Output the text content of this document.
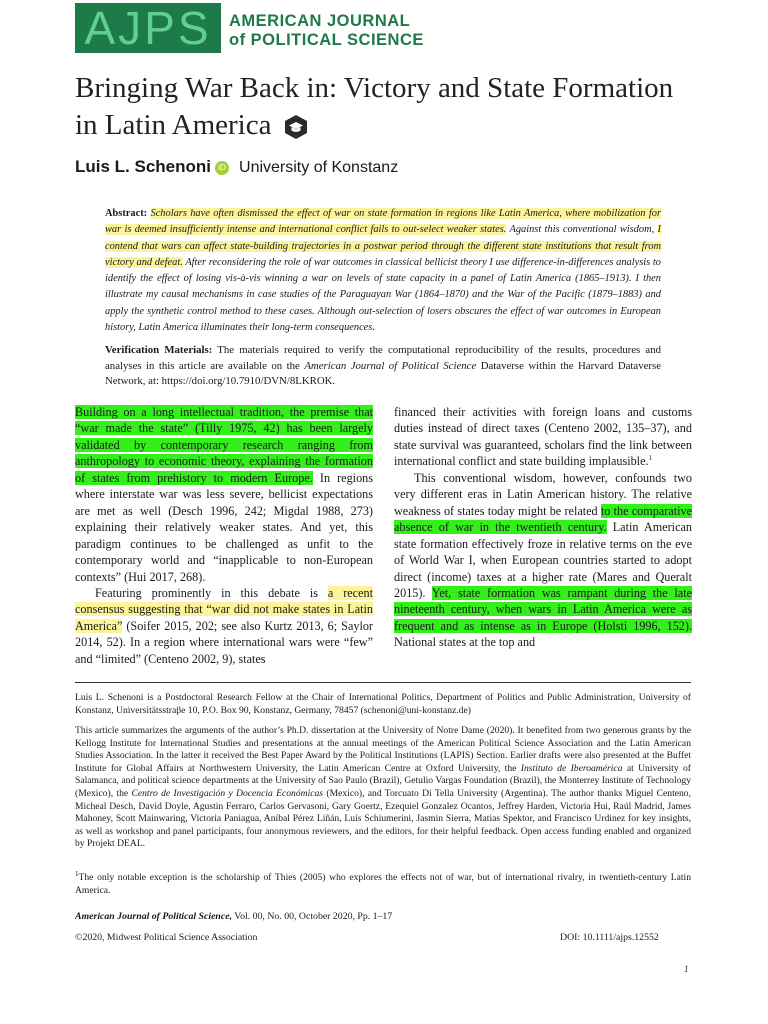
AJPS	AMERICAN JOURNAL
of POLITICAL SCIENCE
Bringing War Back in: Victory and State Formation
in Latin America
Luis L. Schenoni iD University of Konstanz
Abstract: Scholars have often dismissed the effect of war on state formation in regions like Latin America, where mobilization for war is deemed insufficiently intense and international conflict fails to out-select weaker states. Against this conventional wisdom, I contend that wars can affect state-building trajectories in a postwar period through the different state institutions that result from victory and defeat. After reconsidering the role of war outcomes in classical bellicist theory I use difference-in-differences analysis to identify the effect of losing vis-à-vis winning a war on levels of state capacity in a panel of Latin America (1865–1913). I then illustrate my causal mechanisms in case studies of the Paraguayan War (1864–1870) and the War of the Pacific (1879–1883) and apply the synthetic control method to these cases. Although out-selection of losers obscures the effect of war outcomes in European history, Latin America illuminates their long-term consequences.
Verification Materials: The materials required to verify the computational reproducibility of the results, procedures and analyses in this article are available on the American Journal of Political Science Dataverse within the Harvard Dataverse Network, at: https://doi.org/10.7910/DVN/8LKROK.

Building on a long intellectual tradition, the premise that “war made the state” (Tilly 1975, 42) has been largely validated by contemporary research ranging from anthropology to economic theory, explaining the formation of states from prehistory to modern Europe. In regions where interstate war was less severe, bellicist expectations are met as well (Desch 1996, 242; Migdal 1988, 273) explaining their relatively weaker states. And yet, this paradigm continues to be challenged as unfit to the contemporary world and “inapplicable to non-European contexts” (Hui 2017, 268).

Featuring prominently in this debate is a recent consensus suggesting that “war did not make states in Latin America” (Soifer 2015, 202; see also Kurtz 2013, 6; Saylor 2014, 52). In a region where international wars were “few” and “limited” (Centeno 2002, 9), states

financed their activities with foreign loans and customs duties instead of direct taxes (Centeno 2002, 135–37), and state survival was guaranteed, scholars find the link between international conflict and state building implausible.$^1$

This conventional wisdom, however, confounds two very different eras in Latin American history. The relative weakness of states today might be related to the comparative absence of war in the twentieth century. Latin American state formation effectively froze in relative terms on the eve of World War I, when European countries started to adopt direct (income) taxes at a higher rate (Mares and Queralt 2015). Yet, state formation was rampant during the late nineteenth century, when wars in Latin America were as frequent and as intense as in Europe (Holsti 1996, 152). National states at the top and

Luis L. Schenoni is a Postdoctoral Research Fellow at the Chair of International Politics, Department of Politics and Public Administration, University of Konstanz, Universitätsstraβe 10, P.O. Box 90, Konstanz, Germany, 78457 (schenoni@uni-konstanz.de)
This article summarizes the arguments of the author’s Ph.D. dissertation at the University of Notre Dame (2020). It benefited from two generous grants by the Kellogg Institute for International Studies and presentations at the annual meetings of the American Political Science Association and the Latin American Studies Association. In the latter it received the Best Paper Award by the Political Institutions (LAPIS) Section. Earlier drafts were also presented at the Buffet Institute for Global Affairs at Northwestern University, the Latin American Centre at Oxford University, the Instituto de Iberoamérica at University of Salamanca, and political science departments at the University of Sao Paulo (Brazil), Getulio Vargas Foundation (Brazil), the Monterrey Institute of Technology (Mexico), the Centro de Investigación y Docencia Económicas (Mexico), and Torcuato Di Tella University (Argentina). The author thanks Miguel Centeno, Micheal Desch, David Doyle, Agustin Ferraro, Carlos Gervasoni, Gary Goertz, Ezequiel Gonzalez Ocantos, Jeffrey Harden, Victoria Hui, Raúl Madrid, James Mahoney, Scott Mainwaring, Victoria Paniagua, Aníbal Pérez Liñán, Luis Schiumerini, Jasmin Sierra, Matias Spektor, and Francisco Urdinez for key insights, as well as workshop and panel participants, four anonymous reviewers, and the editors, for their helpful feedback. Open access funding enabled and organized by Projekt DEAL.
$^1$The only notable exception is the scholarship of Thies (2005) who explores the effects not of war, but of international rivalry, in twentieth-century Latin America.
American Journal of Political Science, Vol. 00, No. 00, October 2020, Pp. 1–17
©2020, Midwest Political Science Association	DOI: 10.1111/ajps.12552
1
